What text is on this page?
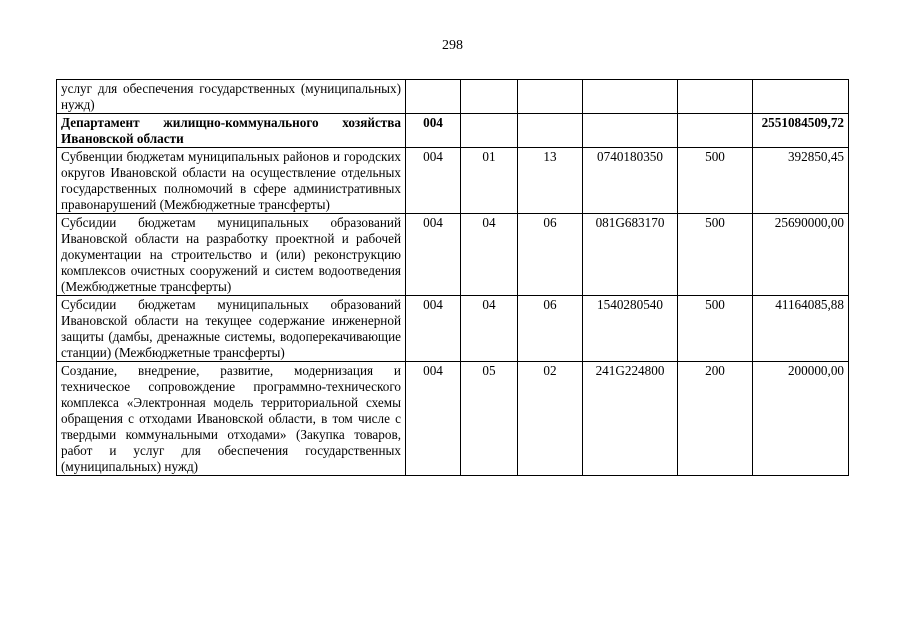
298
услуг для обеспечения государственных (муниципальных) нужд)						
Департамент жилищно-коммунального хозяйства Ивановской области	004					2551084509,72
Субвенции бюджетам муниципальных районов и городских округов Ивановской области на осуществление отдельных государственных полномочий в сфере административных правонарушений (Межбюджетные трансферты)	004	01	13	0740180350	500	392850,45
Субсидии бюджетам муниципальных образований Ивановской области на разработку проектной и рабочей документации на строительство и (или) реконструкцию комплексов очистных сооружений и систем водоотведения (Межбюджетные трансферты)	004	04	06	081G683170	500	25690000,00
Субсидии бюджетам муниципальных образований Ивановской области на текущее содержание инженерной защиты (дамбы, дренажные системы, водоперекачивающие станции) (Межбюджетные трансферты)	004	04	06	1540280540	500	41164085,88
Создание, внедрение, развитие, модернизация и техническое сопровождение программно-технического комплекса «Электронная модель территориальной схемы обращения с отходами Ивановской области, в том числе с твердыми коммунальными отходами» (Закупка товаров, работ и услуг для обеспечения государственных (муниципальных) нужд)	004	05	02	241G224800	200	200000,00
